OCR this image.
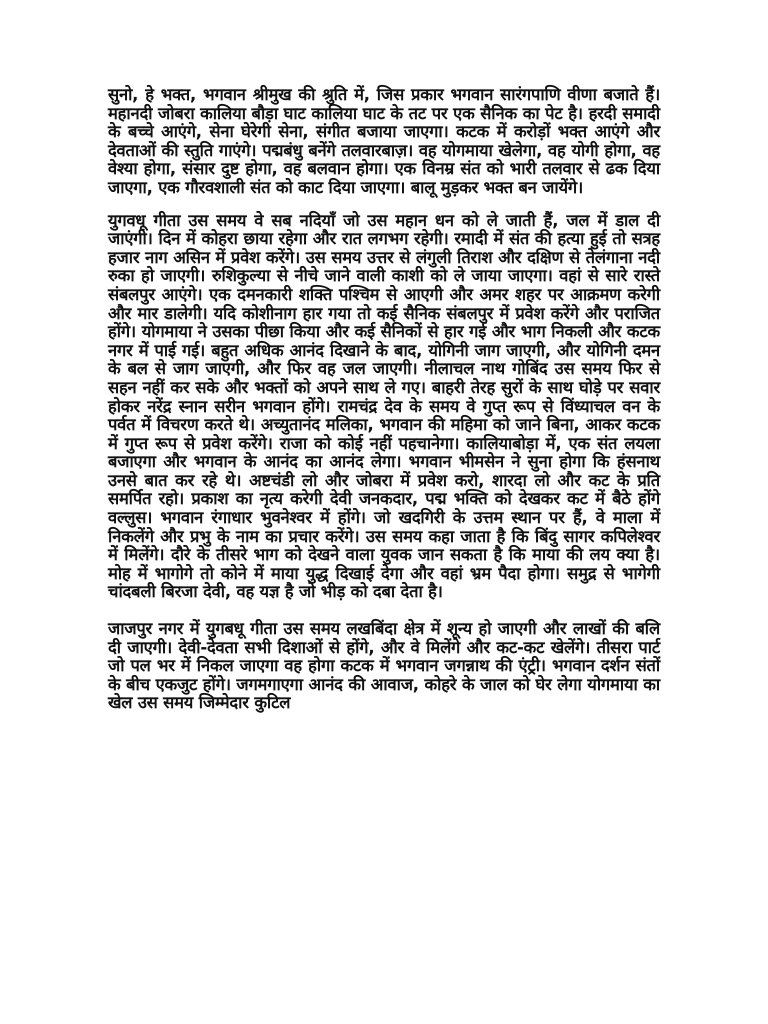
सुनो, हे भक्त, भगवान श्रीमुख की श्रुति में, जिस प्रकार भगवान सारंगपाणि वीणा बजाते हैं। महानदी जोबरा कालिया बौड़ा घाट कालिया घाट के तट पर एक सैनिक का पेट है। हरदी समादी के बच्चे आएंगे, सेना घेरेगी सेना, संगीत बजाया जाएगा। कटक में करोड़ों भक्त आएंगे और देवताओं की स्तुति गाएंगे। पद्मबंधु बनेंगे तलवारबाज़। वह योगमाया खेलेगा, वह योगी होगा, वह वेश्या होगा, संसार दुष्ट होगा, वह बलवान होगा। एक विनम्र संत को भारी तलवार से ढक दिया जाएगा, एक गौरवशाली संत को काट दिया जाएगा। बालू मुड़कर भक्त बन जायेंगे।

युगवधू गीता उस समय वे सब नदियाँ जो उस महान धन को ले जाती हैं, जल में डाल दी जाएंगी। दिन में कोहरा छाया रहेगा और रात लगभग रहेगी। रमादी में संत की हत्या हुई तो सत्रह हजार नाग असिन में प्रवेश करेंगे। उस समय उत्तर से लंगुली तिराश और दक्षिण से तेलंगाना नदी रुका हो जाएगी। रुशिकुल्या से नीचे जाने वाली काशी को ले जाया जाएगा। वहां से सारे रास्ते संबलपुर आएंगे। एक दमनकारी शक्ति पश्चिम से आएगी और अमर शहर पर आक्रमण करेगी और मार डालेगी। यदि कोशीनाग हार गया तो कई सैनिक संबलपुर में प्रवेश करेंगे और पराजित होंगे। योगमाया ने उसका पीछा किया और कई सैनिकों से हार गई और भाग निकली और कटक नगर में पाई गई। बहुत अधिक आनंद दिखाने के बाद, योगिनी जाग जाएगी, और योगिनी दमन के बल से जाग जाएगी, और फिर वह जल जाएगी। नीलाचल नाथ गोबिंद उस समय फिर से सहन नहीं कर सके और भक्तों को अपने साथ ले गए। बाहरी तेरह सुरों के साथ घोड़े पर सवार होकर नरेंद्र स्नान सरीन भगवान होंगे। रामचंद्र देव के समय वे गुप्त रूप से विंध्याचल वन के पर्वत में विचरण करते थे। अच्युतानंद मलिका, भगवान की महिमा को जाने बिना, आकर कटक में गुप्त रूप से प्रवेश करेंगे। राजा को कोई नहीं पहचानेगा। कालियाबोड़ा में, एक संत लयला बजाएगा और भगवान के आनंद का आनंद लेगा। भगवान भीमसेन ने सुना होगा कि हंसनाथ उनसे बात कर रहे थे। अष्टचंडी लो और जोबरा में प्रवेश करो, शारदा लो और कट के प्रति समर्पित रहो। प्रकाश का नृत्य करेगी देवी जनकदार, पद्म भक्ति को देखकर कट में बैठे होंगे वल्लुस। भगवान रंगाधार भुवनेश्वर में होंगे। जो खदगिरी के उत्तम स्थान पर हैं, वे माला में निकलेंगे और प्रभु के नाम का प्रचार करेंगे। उस समय कहा जाता है कि बिंदु सागर कपिलेश्वर में मिलेंगे। दौरे के तीसरे भाग को देखने वाला युवक जान सकता है कि माया की लय क्या है। मोह में भागोगे तो कोने में माया युद्ध दिखाई देगा और वहां भ्रम पैदा होगा। समुद्र से भागेगी चांदबली बिरजा देवी, वह यज्ञ है जो भीड़ को दबा देता है।

जाजपुर नगर में युगबधू गीता उस समय लखबिंदा क्षेत्र में शून्य हो जाएगी और लाखों की बलि दी जाएगी। देवी-देवता सभी दिशाओं से होंगे, और वे मिलेंगे और कट-कट खेलेंगे। तीसरा पार्ट जो पल भर में निकल जाएगा वह होगा कटक में भगवान जगन्नाथ की एंट्री। भगवान दर्शन संतों के बीच एकजुट होंगे। जगमगाएगा आनंद की आवाज, कोहरे के जाल को घेर लेगा योगमाया का खेल उस समय जिम्मेदार कुटिल
